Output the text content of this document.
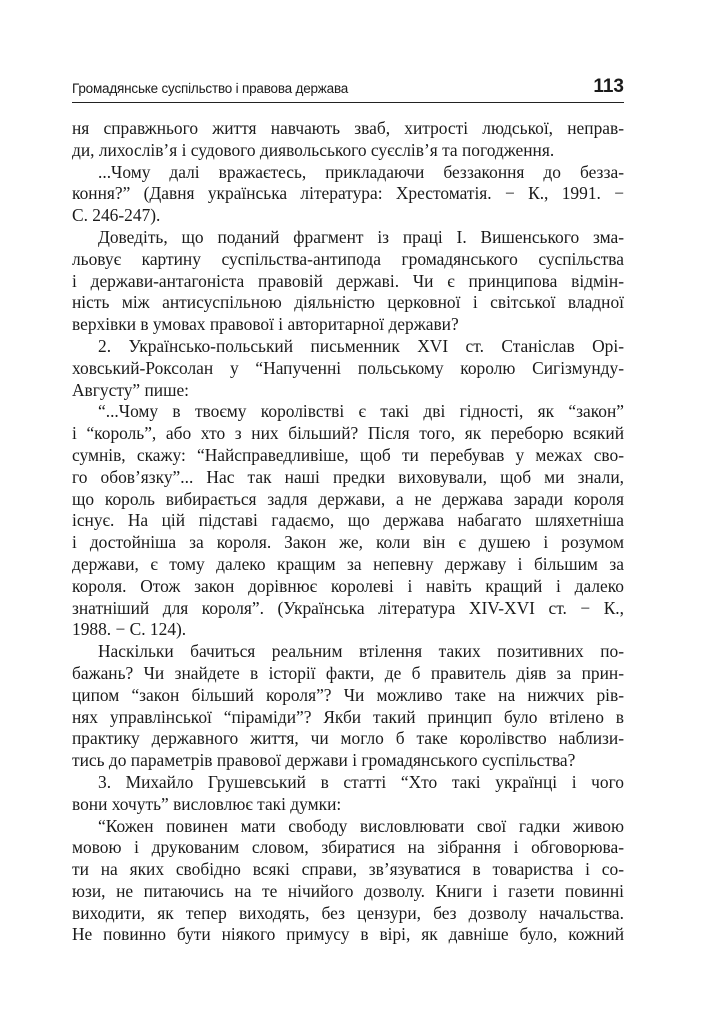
Громадянське суспільство і правова держава	113
ня справжнього життя навчають зваб, хитрості людської, неправ-
ди, лихослів’я і судового диявольського суєслів’я та погодження.
...Чому далі вражаєтесь, прикладаючи беззаконня до безза-
коння?” (Давня українська література: Хрестоматія. − К., 1991. −
С. 246-247).
Доведіть, що поданий фрагмент із праці І. Вишенського зма-
льовує картину суспільства-антипода громадянського суспільства
і держави-антагоніста правовій державі. Чи є принципова відмін-
ність між антисуспільною діяльністю церковної і світської владної
верхівки в умовах правової і авторитарної держави?
2. Українсько-польський письменник XVI ст. Станіслав Орі-
ховський-Роксолан у “Напученні польському королю Сигізмунду-
Августу” пише:
“...Чому в твоєму королівстві є такі дві гідності, як “закон”
і “король”, або хто з них більший? Після того, як переборю всякий
сумнів, скажу: “Найсправедливіше, щоб ти перебував у межах сво-
го обов’язку”... Нас так наші предки виховували, щоб ми знали,
що король вибирається задля держави, а не держава заради короля
існує. На цій підставі гадаємо, що держава набагато шляхетніша
і достойніша за короля. Закон же, коли він є душею і розумом
держави, є тому далеко кращим за непевну державу і більшим за
короля. Отож закон дорівнює королеві і навіть кращий і далеко
знатніший для короля”. (Українська література XIV-XVI ст. − К.,
1988. − С. 124).
Наскільки бачиться реальним втілення таких позитивних по-
бажань? Чи знайдете в історії факти, де б правитель діяв за прин-
ципом “закон більший короля”? Чи можливо таке на нижчих рів-
нях управлінської “піраміди”? Якби такий принцип було втілено в
практику державного життя, чи могло б таке королівство наблизи-
тись до параметрів правової держави і громадянського суспільства?
3. Михайло Грушевський в статті “Хто такі українці і чого
вони хочуть” висловлює такі думки:
“Кожен повинен мати свободу висловлювати свої гадки живою
мовою і друкованим словом, збиратися на зібрання і обговорюва-
ти на яких свобідно всякі справи, зв’язуватися в товариства і со-
юзи, не питаючись на те нічийого дозволу. Книги і газети повинні
виходити, як тепер виходять, без цензури, без дозволу начальства.
Не повинно бути ніякого примусу в вірі, як давніше було, кожний
